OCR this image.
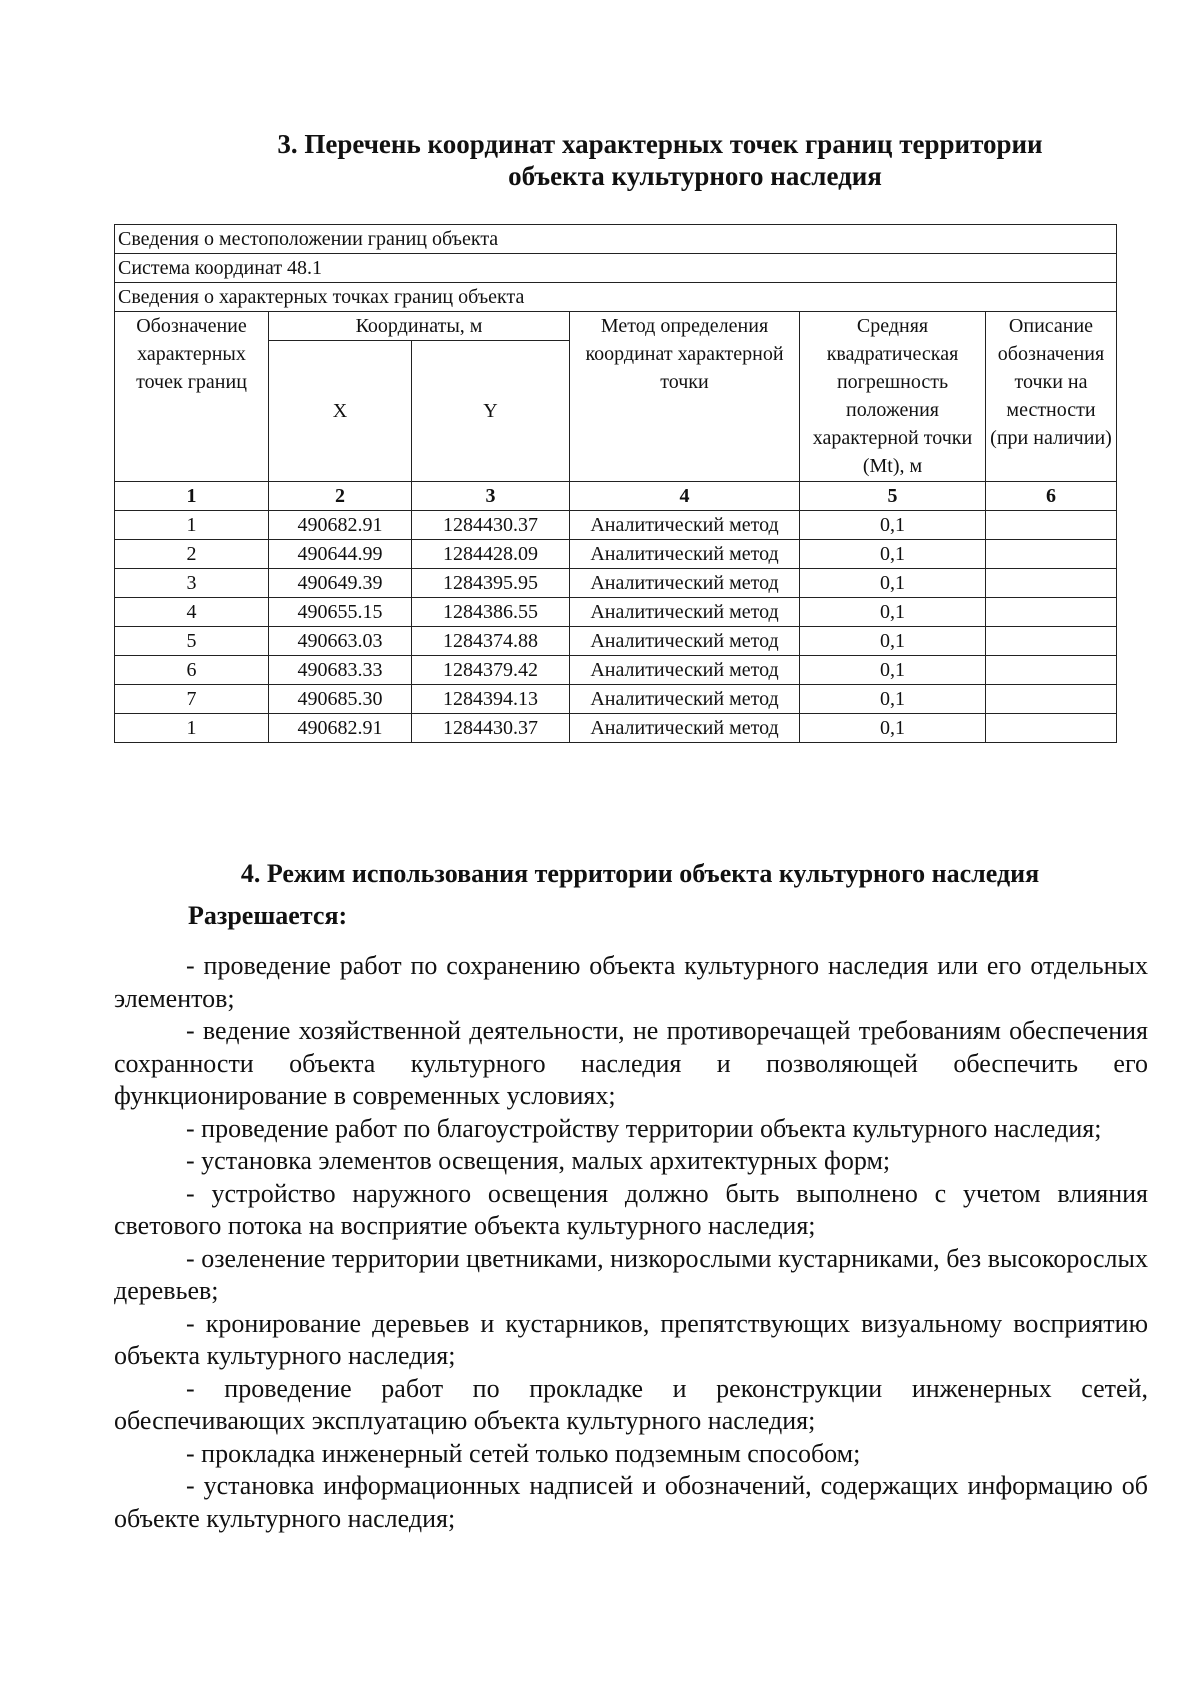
3. Перечень координат характерных точек границ территории
объекта культурного наследия
Сведения о местоположении границ объекта					
Система координат 48.1					
Сведения о характерных точках границ объекта					
Обозначение характерных точек границ	Координаты, м		Метод определения координат характерной точки	Средняя квадратическая погрешность положения характерной точки (Mt), м	Описание обозначения точки на местности (при наличии)
	X	Y			
1	2	3	4	5	6
1	490682.91	1284430.37	Аналитический метод	0,1	
2	490644.99	1284428.09	Аналитический метод	0,1	
3	490649.39	1284395.95	Аналитический метод	0,1	
4	490655.15	1284386.55	Аналитический метод	0,1	
5	490663.03	1284374.88	Аналитический метод	0,1	
6	490683.33	1284379.42	Аналитический метод	0,1	
7	490685.30	1284394.13	Аналитический метод	0,1	
1	490682.91	1284430.37	Аналитический метод	0,1	
4. Режим использования территории объекта культурного наследия
Разрешается:

- проведение работ по сохранению объекта культурного наследия или его отдельных

элементов;

- ведение хозяйственной деятельности, не противоречащей требованиям обеспечения сохранности объекта культурного наследия и позволяющей обеспечить его функционирование в современных условиях;

- проведение работ по благоустройству территории объекта культурного наследия;

- установка элементов освещения, малых архитектурных форм;

- устройство наружного освещения должно быть выполнено с учетом влияния светового потока на восприятие объекта культурного наследия;

- озеленение территории цветниками, низкорослыми кустарниками, без высокорослых деревьев;

- кронирование деревьев и кустарников, препятствующих визуальному восприятию объекта культурного наследия;

- проведение работ по прокладке и реконструкции инженерных сетей, обеспечивающих эксплуатацию объекта культурного наследия;

- прокладка инженерный сетей только подземным способом;

- установка информационных надписей и обозначений, содержащих информацию об объекте культурного наследия;
